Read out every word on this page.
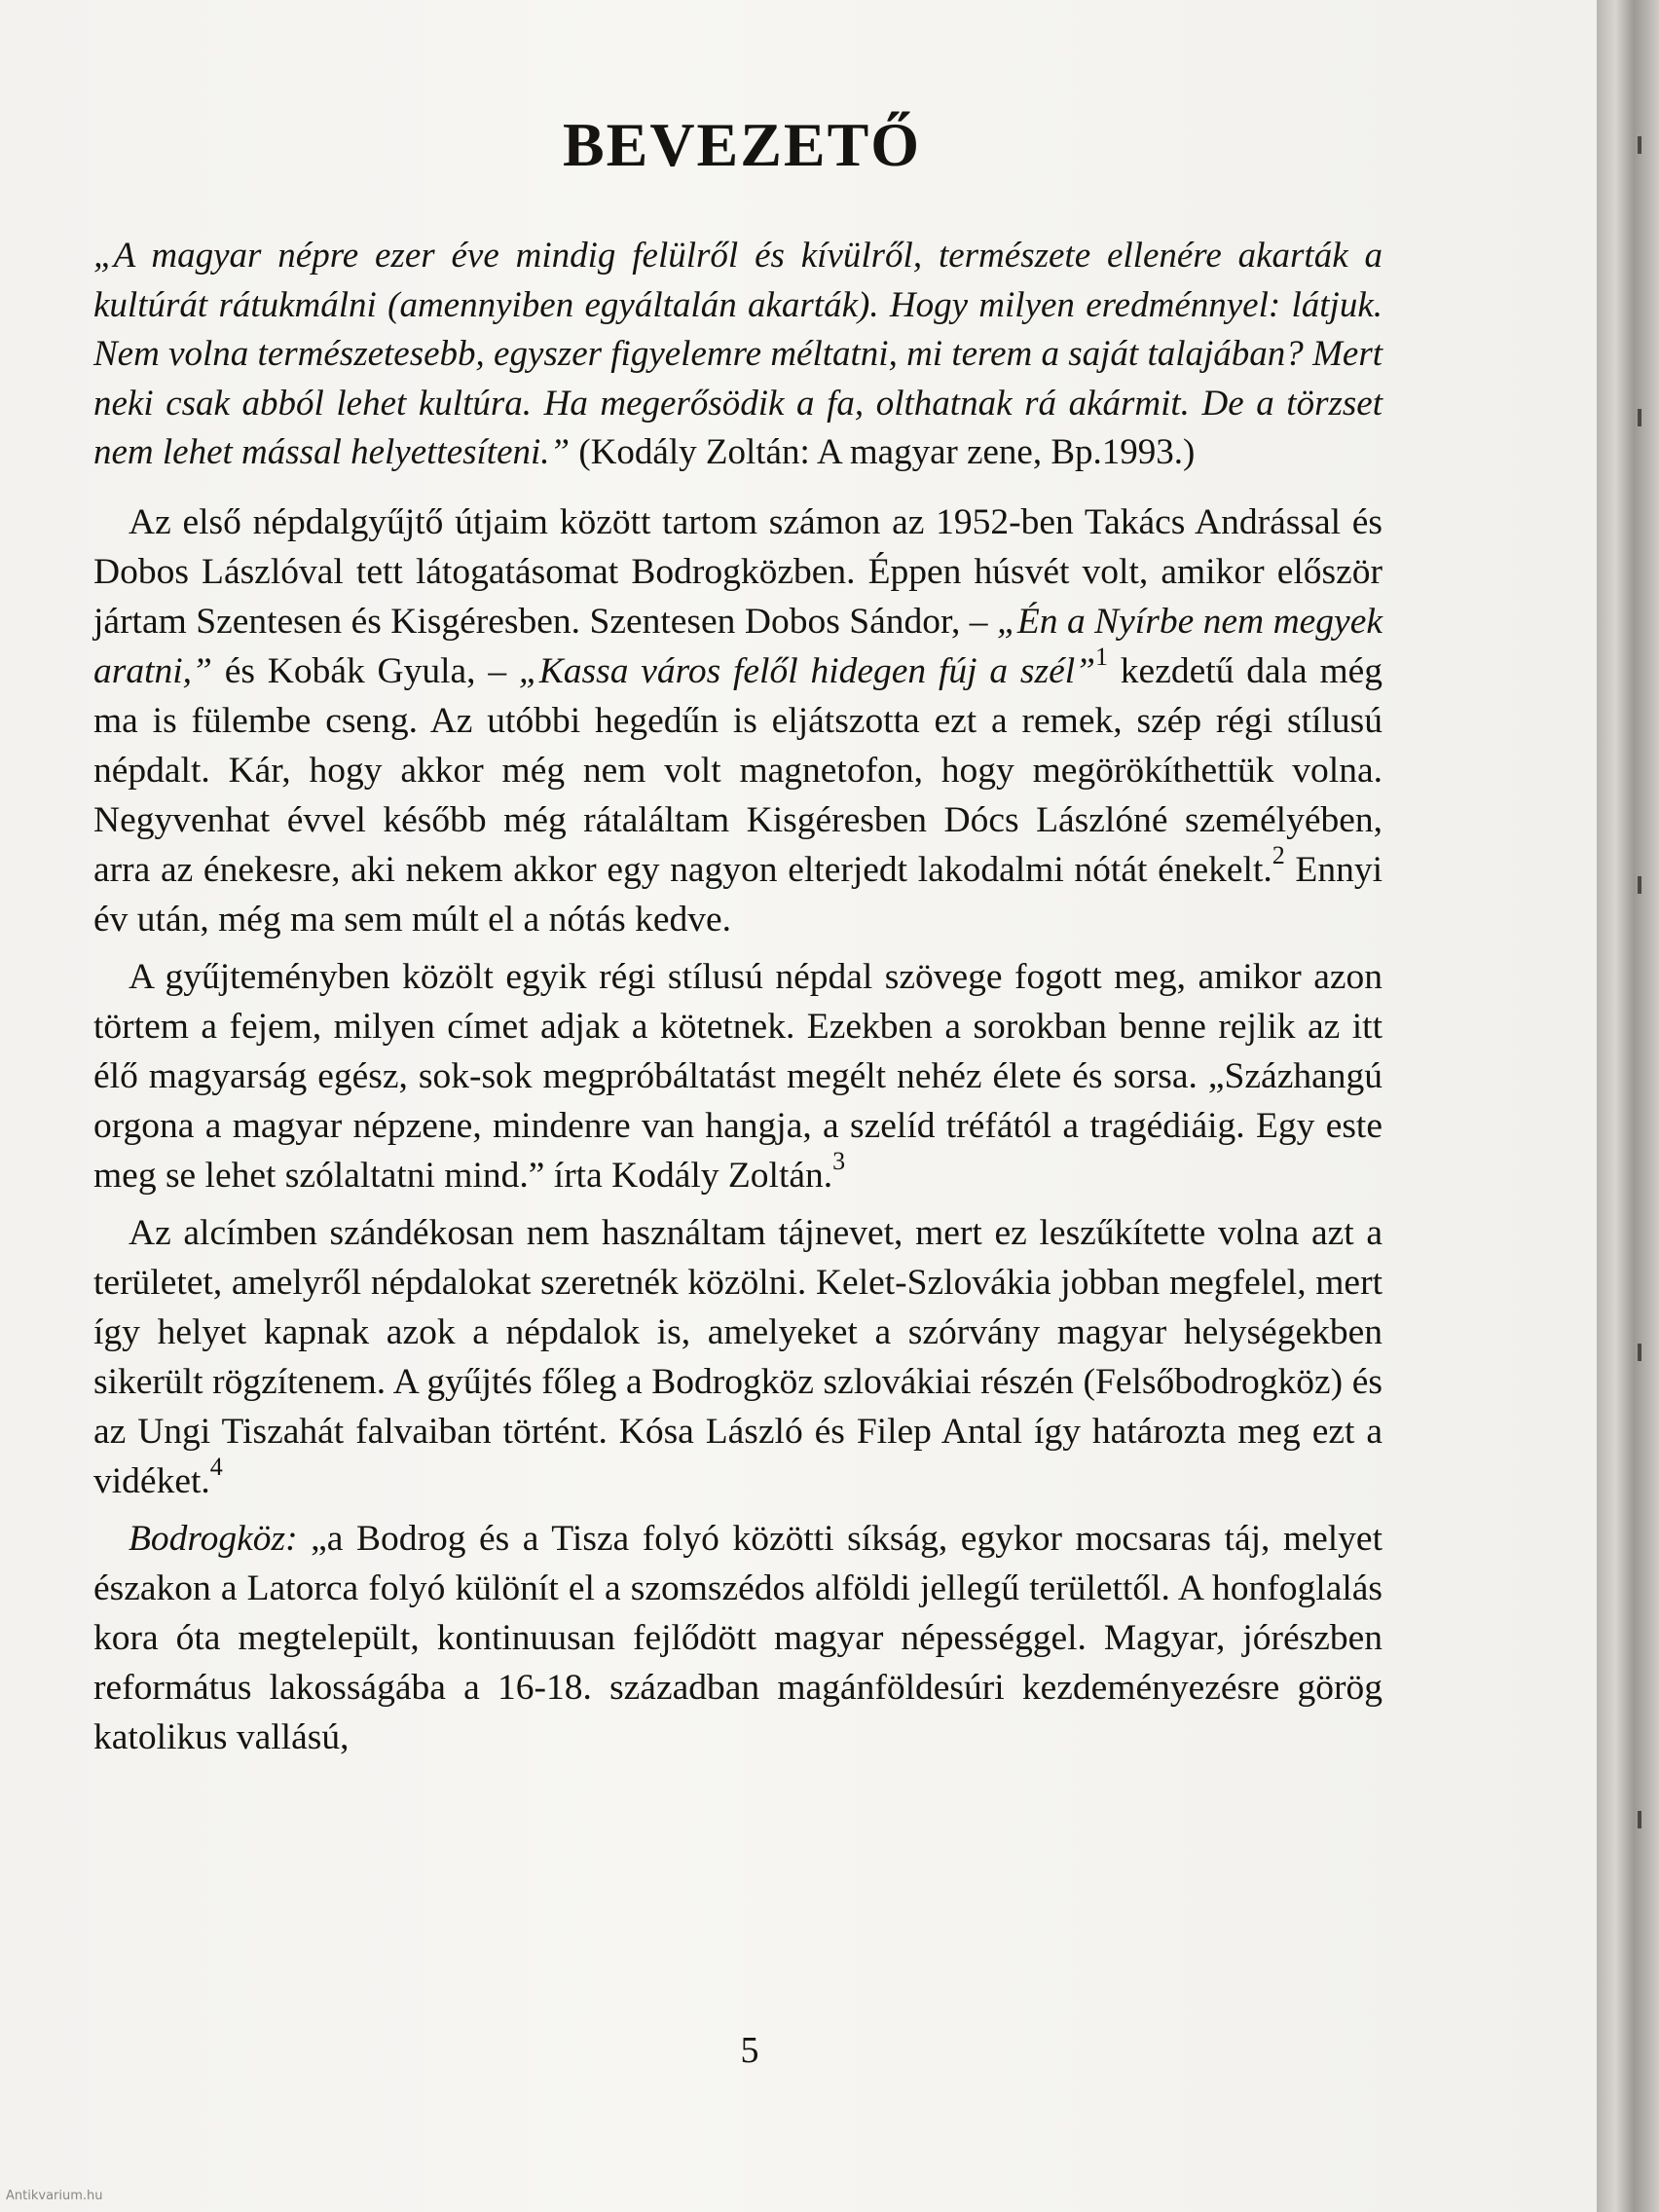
BEVEZETŐ

„A magyar népre ezer éve mindig felülről és kívülről, természete ellenére akarták a kultúrát rátukmálni (amennyiben egyáltalán akarták). Hogy milyen eredménnyel: látjuk. Nem volna természetesebb, egyszer figyelemre méltatni, mi terem a saját talajában? Mert neki csak abból lehet kultúra. Ha megerősödik a fa, olthatnak rá akármit. De a törzset nem lehet mással helyettesíteni.” (Kodály Zoltán: A magyar zene, Bp.1993.)

Az első népdalgyűjtő útjaim között tartom számon az 1952-ben Takács Andrással és Dobos Lászlóval tett látogatásomat Bodrogközben. Éppen húsvét volt, amikor először jártam Szentesen és Kisgéresben. Szentesen Dobos Sándor, – „Én a Nyírbe nem megyek aratni,” és Kobák Gyula, – „Kassa város felől hidegen fúj a szél”$^1$ kezdetű dala még ma is fülembe cseng. Az utóbbi hegedűn is eljátszotta ezt a remek, szép régi stílusú népdalt. Kár, hogy akkor még nem volt magnetofon, hogy megörökíthettük volna. Negyvenhat évvel később még rátaláltam Kisgéresben Dócs Lászlóné személyében, arra az énekesre, aki nekem akkor egy nagyon elterjedt lakodalmi nótát énekelt.$^2$ Ennyi év után, még ma sem múlt el a nótás kedve.

A gyűjteményben közölt egyik régi stílusú népdal szövege fogott meg, amikor azon törtem a fejem, milyen címet adjak a kötetnek. Ezekben a sorokban benne rejlik az itt élő magyarság egész, sok-sok megpróbáltatást megélt nehéz élete és sorsa. „Százhangú orgona a magyar népzene, mindenre van hangja, a szelíd tréfától a tragédiáig. Egy este meg se lehet szólaltatni mind.” írta Kodály Zoltán.$^3$

Az alcímben szándékosan nem használtam tájnevet, mert ez leszűkítette volna azt a területet, amelyről népdalokat szeretnék közölni. Kelet-Szlovákia jobban megfelel, mert így helyet kapnak azok a népdalok is, amelyeket a szórvány magyar helységekben sikerült rögzítenem. A gyűjtés főleg a Bodrogköz szlovákiai részén (Felsőbodrogköz) és az Ungi Tiszahát falvaiban történt. Kósa László és Filep Antal így határozta meg ezt a vidéket.$^4$

Bodrogköz: „a Bodrog és a Tisza folyó közötti síkság, egykor mocsaras táj, melyet északon a Latorca folyó különít el a szomszédos alföldi jellegű területtől. A honfoglalás kora óta megtelepült, kontinuusan fejlődött magyar népességgel. Magyar, jórészben református lakosságába a 16-18. században magánföldesúri kezdeményezésre görög katolikus vallású,

5
Antikvarium.hu
